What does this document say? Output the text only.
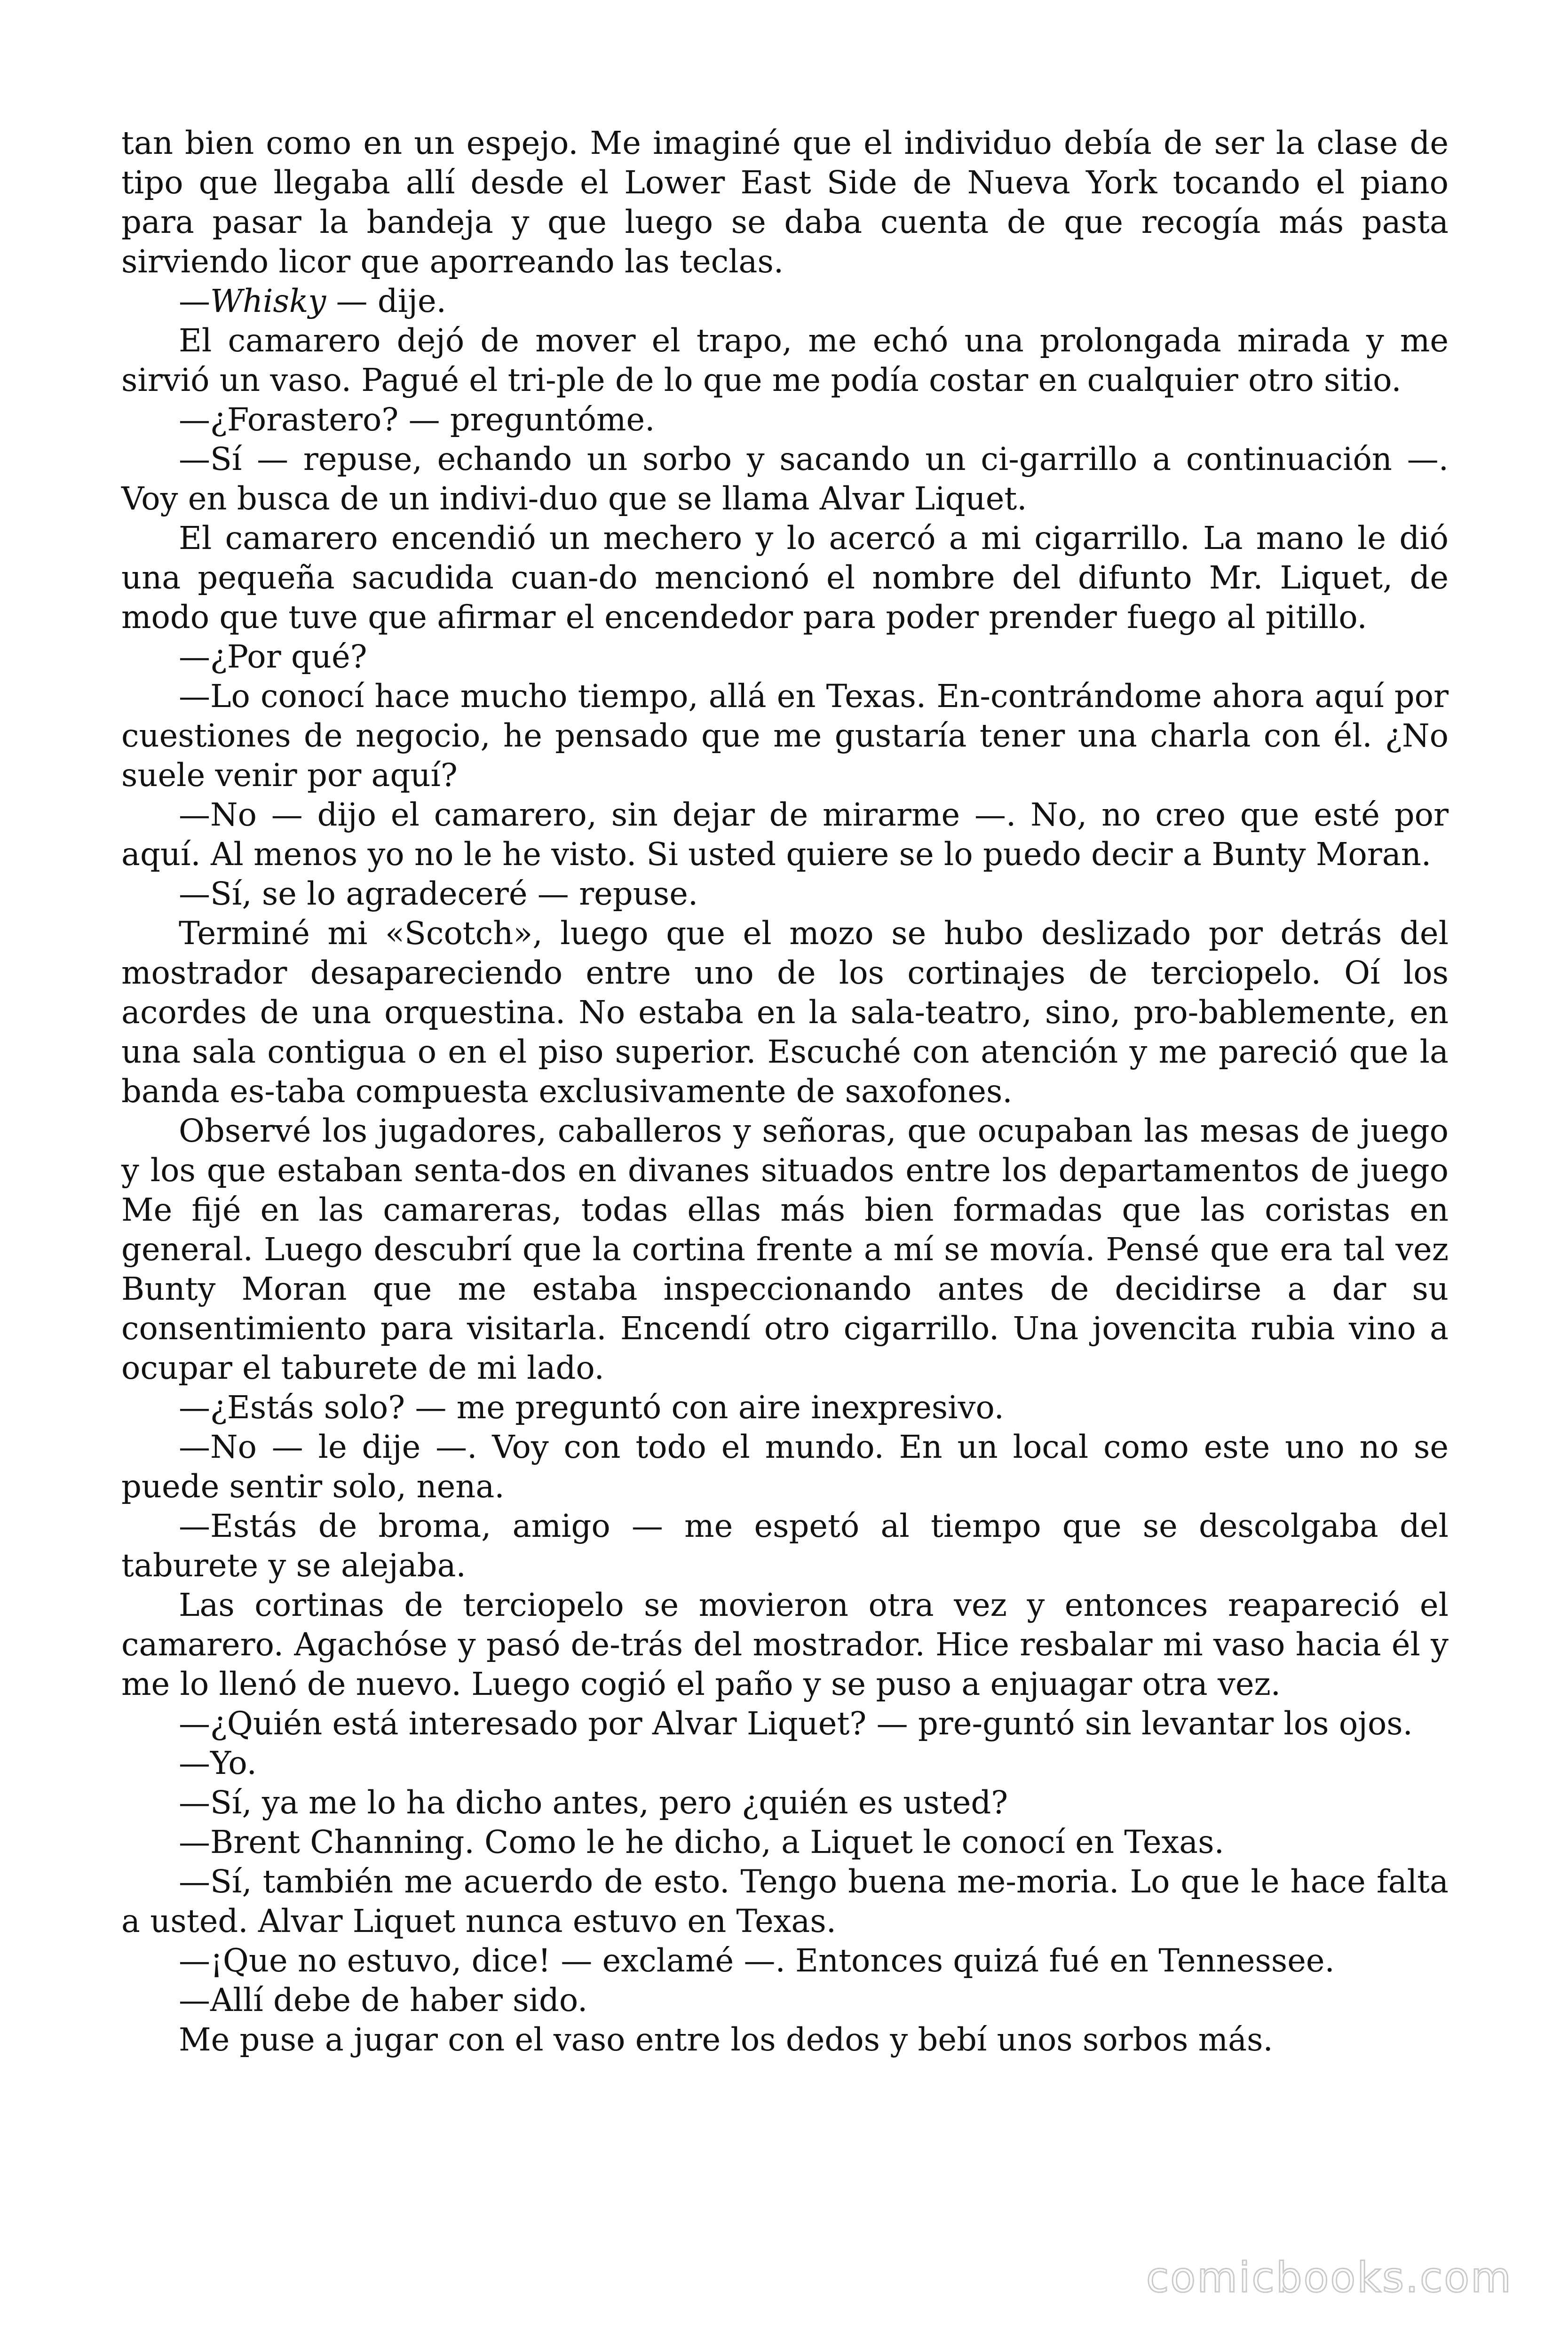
tan bien como en un espejo. Me imaginé que el individuo debía de ser la clase de tipo que llegaba allí desde el Lower East Side de Nueva York tocando el piano para pasar la bandeja y que luego se daba cuenta de que recogía más pasta sirviendo licor que aporreando las teclas.

—Whisky — dije.

El camarero dejó de mover el trapo, me echó una prolongada mirada y me sirvió un vaso. Pagué el tri-ple de lo que me podía costar en cualquier otro sitio.

—¿Forastero? — preguntóme.

—Sí — repuse, echando un sorbo y sacando un ci-garrillo a continuación —. Voy en busca de un indivi-duo que se llama Alvar Liquet.

El camarero encendió un mechero y lo acercó a mi cigarrillo. La mano le dió una pequeña sacudida cuan-do mencionó el nombre del difunto Mr. Liquet, de modo que tuve que afirmar el encendedor para poder prender fuego al pitillo.

—¿Por qué?

—Lo conocí hace mucho tiempo, allá en Texas. En-contrándome ahora aquí por cuestiones de negocio, he pensado que me gustaría tener una charla con él. ¿No suele venir por aquí?

—No — dijo el camarero, sin dejar de mirarme —. No, no creo que esté por aquí. Al menos yo no le he visto. Si usted quiere se lo puedo decir a Bunty Moran.

—Sí, se lo agradeceré — repuse.

Terminé mi «Scotch», luego que el mozo se hubo deslizado por detrás del mostrador desapareciendo entre uno de los cortinajes de terciopelo. Oí los acordes de una orquestina. No estaba en la sala-teatro, sino, pro-bablemente, en una sala contigua o en el piso superior. Escuché con atención y me pareció que la banda es-taba compuesta exclusivamente de saxofones.

Observé los jugadores, caballeros y señoras, que ocupaban las mesas de juego y los que estaban senta-dos en divanes situados entre los departamentos de juego Me fijé en las camareras, todas ellas más bien formadas que las coristas en general. Luego descubrí que la cortina frente a mí se movía. Pensé que era tal vez Bunty Moran que me estaba inspeccionando antes de decidirse a dar su consentimiento para visitarla. Encendí otro cigarrillo. Una jovencita rubia vino a ocupar el taburete de mi lado.

—¿Estás solo? — me preguntó con aire inexpresivo.

—No — le dije —. Voy con todo el mundo. En un local como este uno no se puede sentir solo, nena.

—Estás de broma, amigo — me espetó al tiempo que se descolgaba del taburete y se alejaba.

Las cortinas de terciopelo se movieron otra vez y entonces reapareció el camarero. Agachóse y pasó de-trás del mostrador. Hice resbalar mi vaso hacia él y me lo llenó de nuevo. Luego cogió el paño y se puso a enjuagar otra vez.

—¿Quién está interesado por Alvar Liquet? — pre-guntó sin levantar los ojos.

—Yo.

—Sí, ya me lo ha dicho antes, pero ¿quién es usted?

—Brent Channing. Como le he dicho, a Liquet le conocí en Texas.

—Sí, también me acuerdo de esto. Tengo buena me-moria. Lo que le hace falta a usted. Alvar Liquet nunca estuvo en Texas.

—¡Que no estuvo, dice! — exclamé —. Entonces quizá fué en Tennessee.

—Allí debe de haber sido.

Me puse a jugar con el vaso entre los dedos y bebí unos sorbos más.

comicbooks.com
